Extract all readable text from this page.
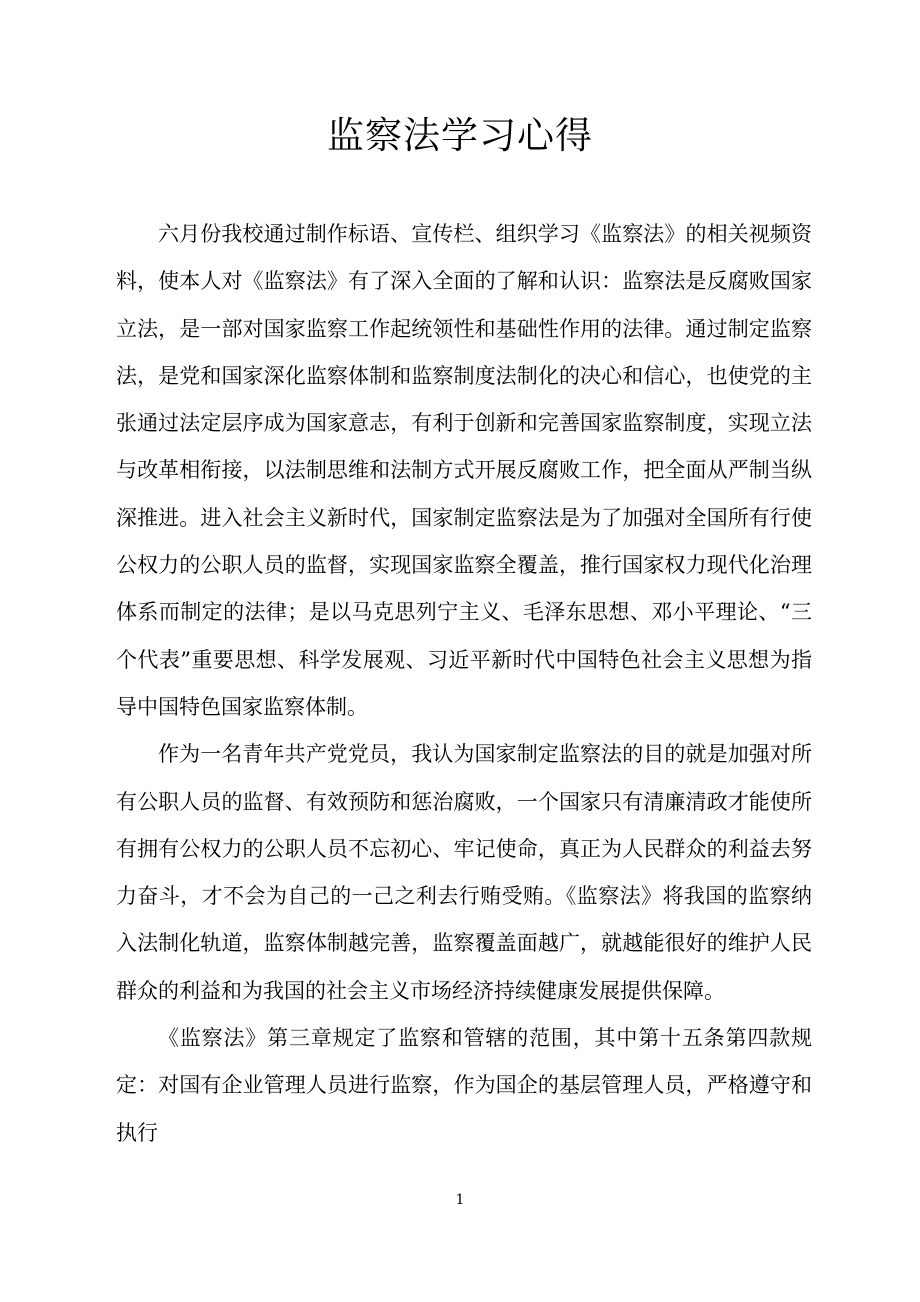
监察法学习心得

六月份我校通过制作标语、宣传栏、组织学习《监察法》的相关视频资料，使本人对《监察法》有了深入全面的了解和认识：监察法是反腐败国家立法，是一部对国家监察工作起统领性和基础性作用的法律。通过制定监察法，是党和国家深化监察体制和监察制度法制化的决心和信心，也使党的主张通过法定层序成为国家意志，有利于创新和完善国家监察制度，实现立法与改革相衔接，以法制思维和法制方式开展反腐败工作，把全面从严制当纵深推进。进入社会主义新时代，国家制定监察法是为了加强对全国所有行使公权力的公职人员的监督，实现国家监察全覆盖，推行国家权力现代化治理体系而制定的法律；是以马克思列宁主义、毛泽东思想、邓小平理论、“三个代表”重要思想、科学发展观、习近平新时代中国特色社会主义思想为指导中国特色国家监察体制。

作为一名青年共产党党员，我认为国家制定监察法的目的就是加强对所有公职人员的监督、有效预防和惩治腐败，一个国家只有清廉清政才能使所有拥有公权力的公职人员不忘初心、牢记使命，真正为人民群众的利益去努力奋斗，才不会为自己的一己之利去行贿受贿。《监察法》将我国的监察纳入法制化轨道，监察体制越完善，监察覆盖面越广，就越能很好的维护人民群众的利益和为我国的社会主义市场经济持续健康发展提供保障。

《监察法》第三章规定了监察和管辖的范围，其中第十五条第四款规定：对国有企业管理人员进行监察，作为国企的基层管理人员，严格遵守和执行

1
